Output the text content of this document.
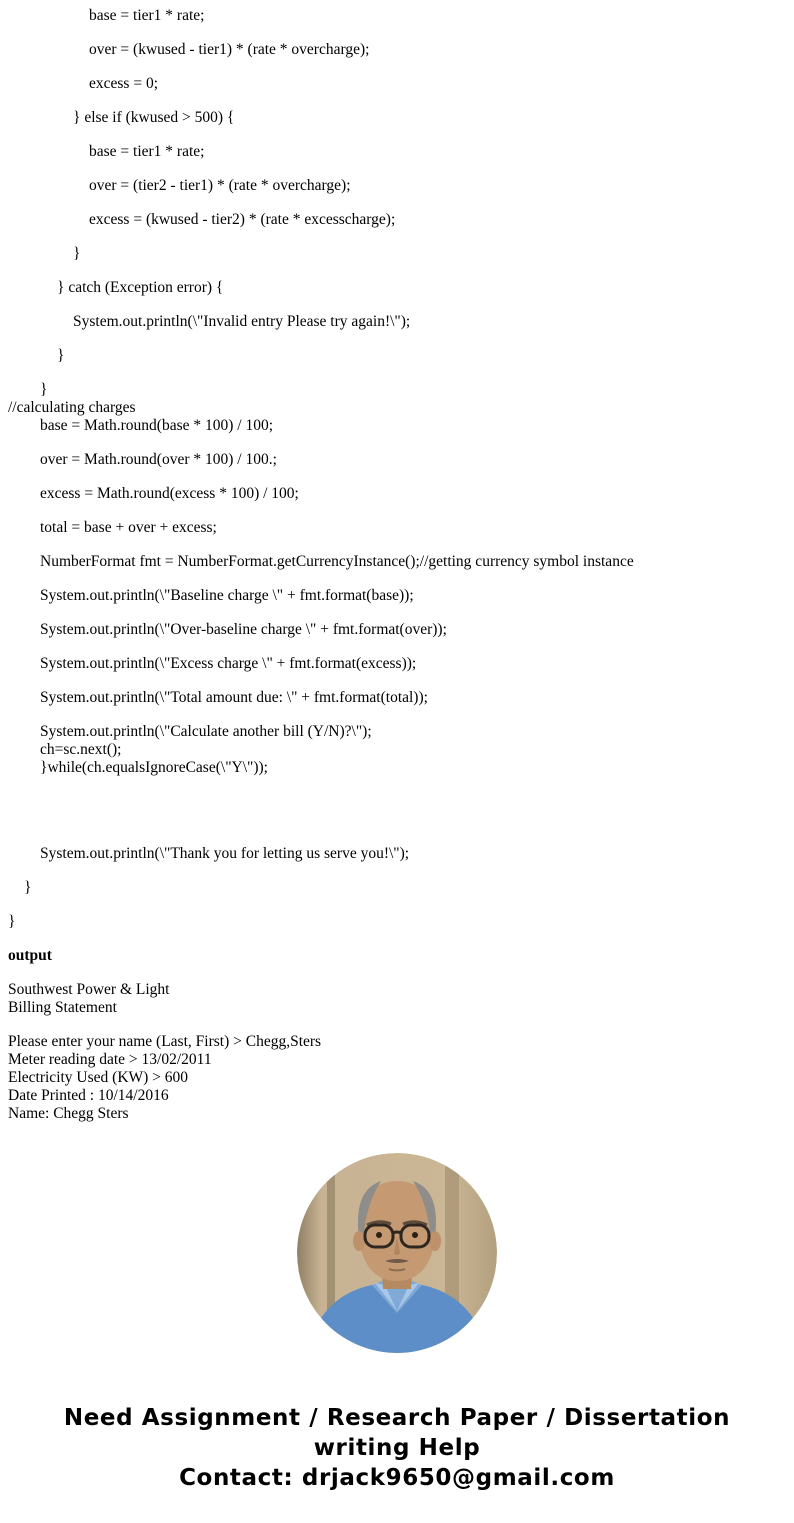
base = tier1 * rate;
over = (kwused - tier1) * (rate * overcharge);
excess = 0;
} else if (kwused > 500) {
base = tier1 * rate;
over = (tier2 - tier1) * (rate * overcharge);
excess = (kwused - tier2) * (rate * excesscharge);
}
} catch (Exception error) {
System.out.println(\"Invalid entry Please try again!\");
}
}
//calculating charges
base = Math.round(base * 100) / 100;
over = Math.round(over * 100) / 100.;
excess = Math.round(excess * 100) / 100;
total = base + over + excess;
NumberFormat fmt = NumberFormat.getCurrencyInstance();//getting currency symbol instance
System.out.println(\"Baseline charge \" + fmt.format(base));
System.out.println(\"Over-baseline charge \" + fmt.format(over));
System.out.println(\"Excess charge \" + fmt.format(excess));
System.out.println(\"Total amount due: \" + fmt.format(total));
System.out.println(\"Calculate another bill (Y/N)?\");
ch=sc.next();
}while(ch.equalsIgnoreCase(\"Y\"));
System.out.println(\"Thank you for letting us serve you!\");
}
}
output
Southwest Power & Light
Billing Statement
Please enter your name (Last, First) > Chegg,Sters
Meter reading date > 13/02/2011
Electricity Used (KW) > 600
Date Printed : 10/14/2016
Name: Chegg Sters
Need Assignment / Research Paper / Dissertation
writing Help
Contact: drjack9650@gmail.com
